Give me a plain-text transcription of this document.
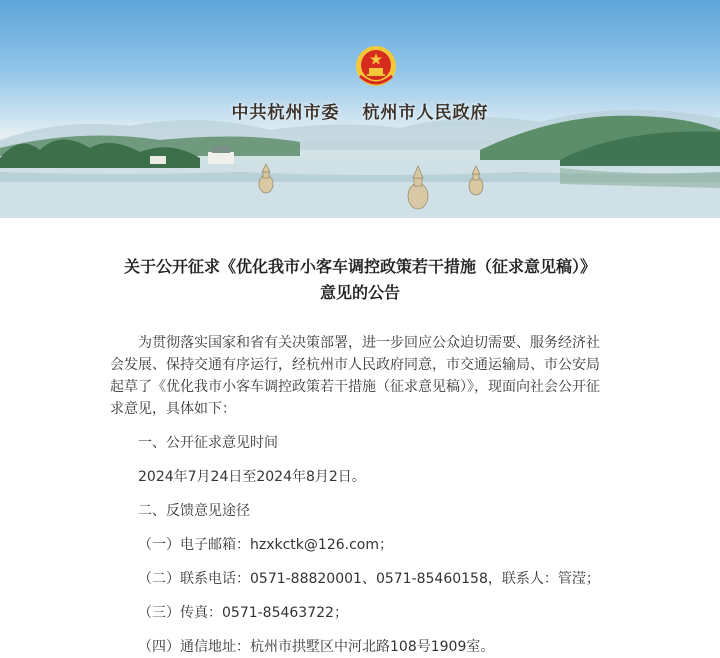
中共杭州市委 杭州市人民政府
关于公开征求《优化我市小客车调控政策若干措施（征求意见稿）》意见的公告

为贯彻落实国家和省有关决策部署，进一步回应公众迫切需要、服务经济社会发展、保持交通有序运行，经杭州市人民政府同意，市交通运输局、市公安局起草了《优化我市小客车调控政策若干措施（征求意见稿）》，现面向社会公开征求意见，具体如下：

一、公开征求意见时间

2024年7月24日至2024年8月2日。

二、反馈意见途径

（一）电子邮箱：hzxkctk@126.com；

（二）联系电话：0571-88820001、0571-85460158，联系人：管滢；

（三）传真：0571-85463722；

（四）通信地址：杭州市拱墅区中河北路108号1909室。
